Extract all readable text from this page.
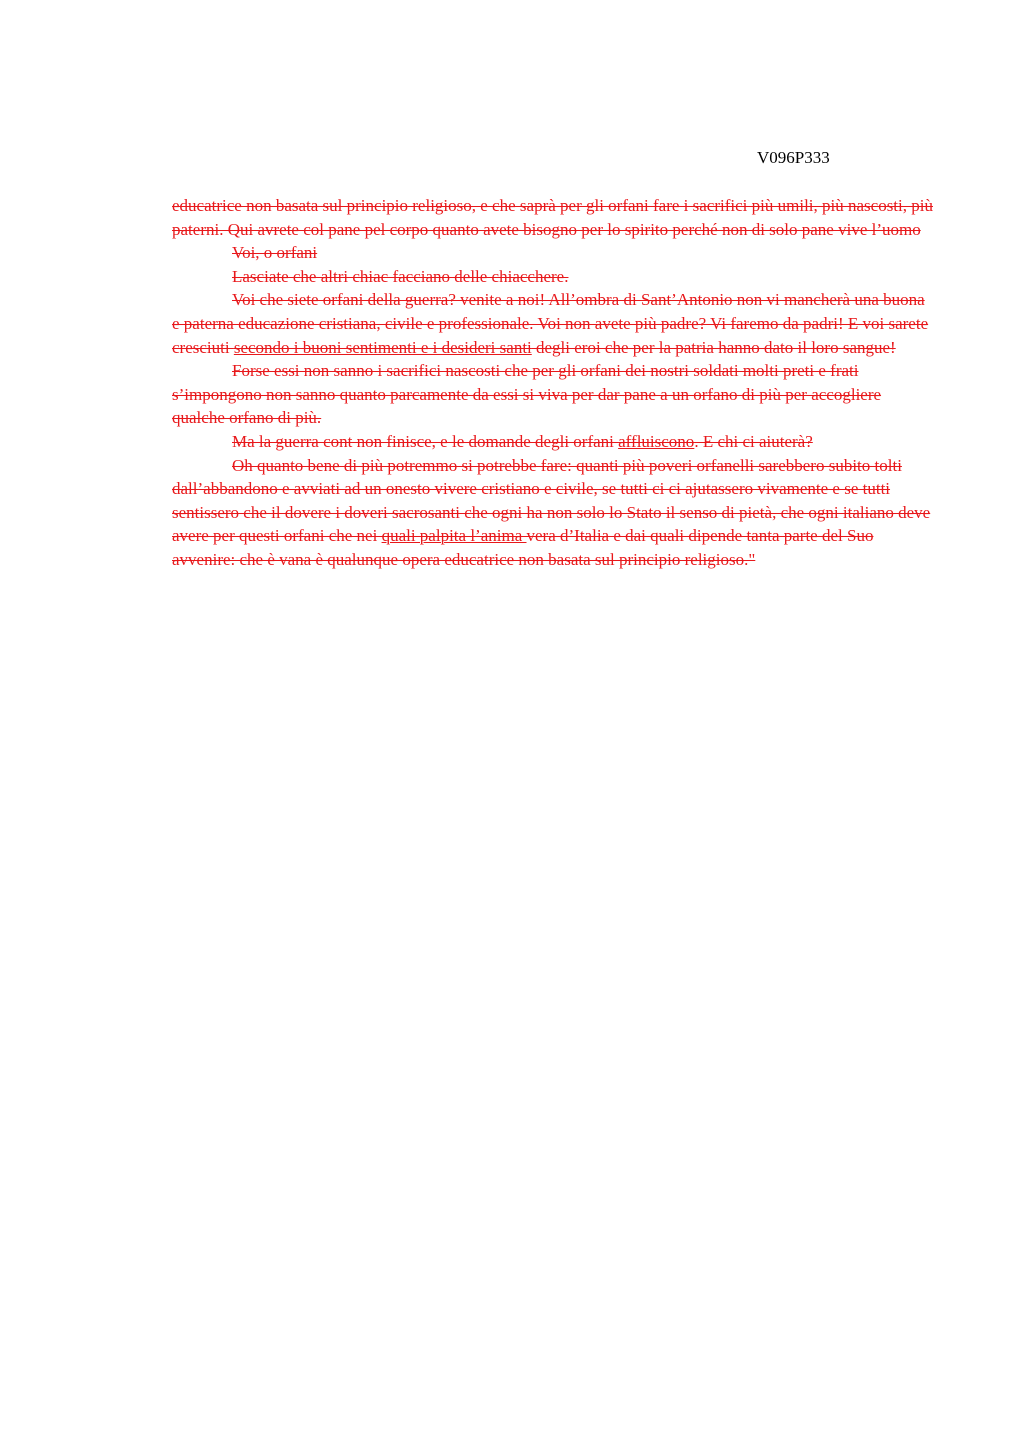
V096P333

educatrice non basata sul principio religioso, e che saprà per gli orfani fare i sacrifici più umili, più nascosti, più paterni. Qui avrete col pane pel corpo quanto avete bisogno per lo spirito perché non di solo pane vive l’uomo

Voi, o orfani

Lasciate che altri chiac facciano delle chiacchere.

Voi che siete orfani della guerra? venite a noi! All’ombra di Sant’Antonio non vi mancherà una buona e paterna educazione cristiana, civile e professionale. Voi non avete più padre? Vi faremo da padri! E voi sarete cresciuti secondo i buoni sentimenti e i desideri santi degli eroi che per la patria hanno dato il loro sangue!

Forse essi non sanno i sacrifici nascosti che per gli orfani dei nostri soldati molti preti e frati s’impongono non sanno quanto parcamente da essi si viva per dar pane a un orfano di più per accogliere qualche orfano di più.

Ma la guerra cont non finisce, e le domande degli orfani affluiscono. E chi ci aiuterà?

Oh quanto bene di più potremmo si potrebbe fare: quanti più poveri orfanelli sarebbero subito tolti dall’abbandono e avviati ad un onesto vivere cristiano e civile, se tutti ci ci ajutassero vivamente e se tutti sentissero che il dovere i doveri sacrosanti che ogni ha non solo lo Stato il senso di pietà, che ogni italiano deve avere per questi orfani che nei quali palpita l’anima vera d’Italia e dai quali dipende tanta parte del Suo avvenire: che è vana è qualunque opera educatrice non basata sul principio religioso."
